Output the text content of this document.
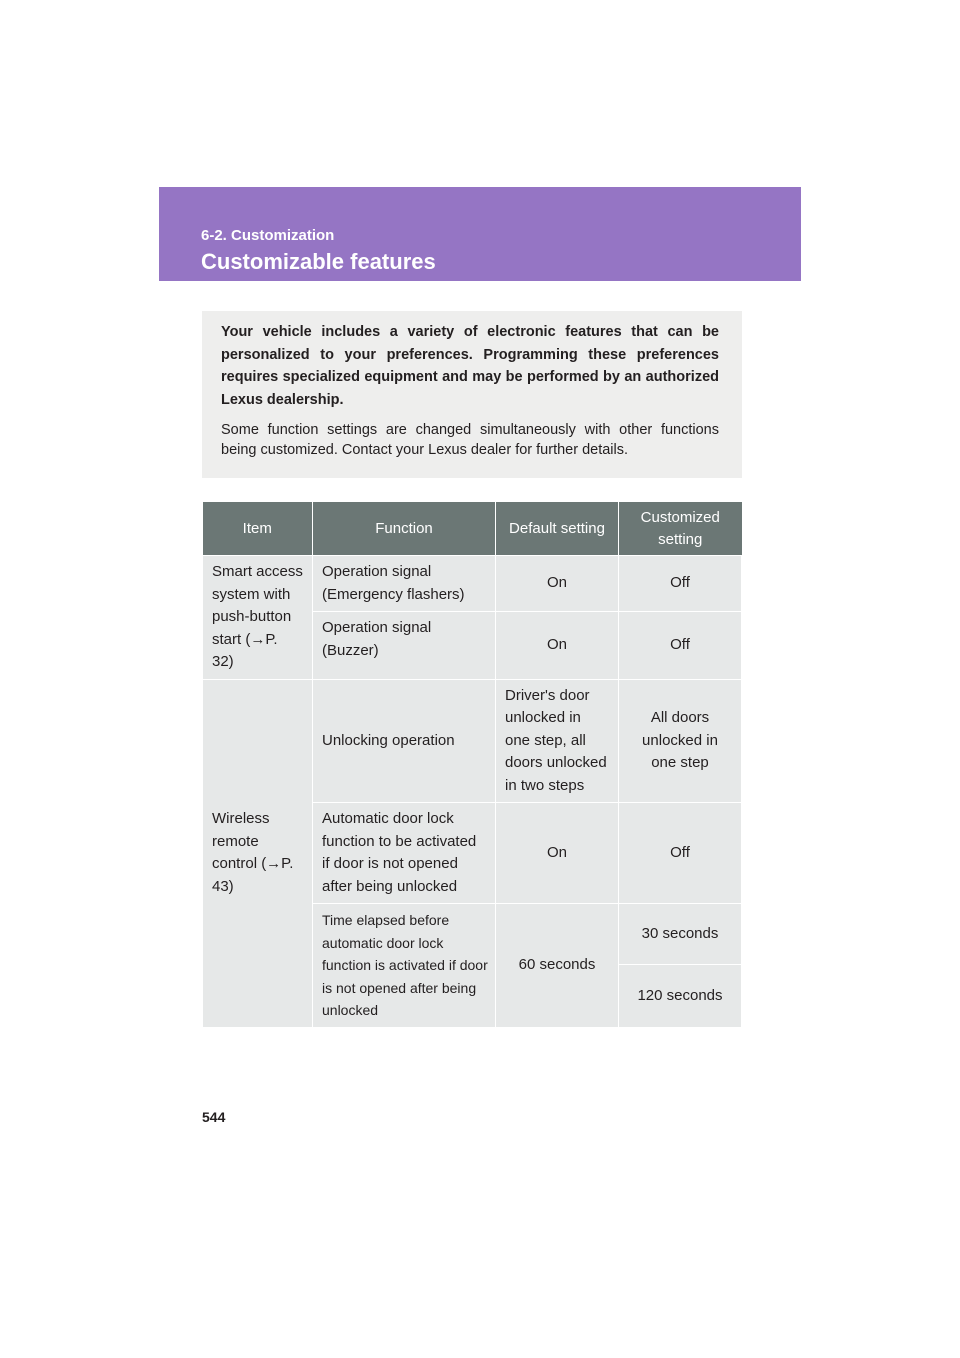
6-2. Customization
Customizable features

Your vehicle includes a variety of electronic features that can be personalized to your preferences. Programming these preferences requires specialized equipment and may be performed by an authorized Lexus dealership.

Some function settings are changed simultaneously with other functions being customized. Contact your Lexus dealer for further details.

Item	Function	Default setting	Customized setting
Smart access system with push-button start (→P. 32)	Operation signal (Emergency flashers)	On	Off
	Operation signal (Buzzer)	On	Off
Wireless remote control (→P. 43)	Unlocking operation	Driver's door unlocked in one step, all doors unlocked in two steps	All doors unlocked in one step
	Automatic door lock function to be activated if door is not opened after being unlocked	On	Off
	Time elapsed before automatic door lock function is activated if door is not opened after being unlocked	60 seconds	30 seconds
			120 seconds
544
